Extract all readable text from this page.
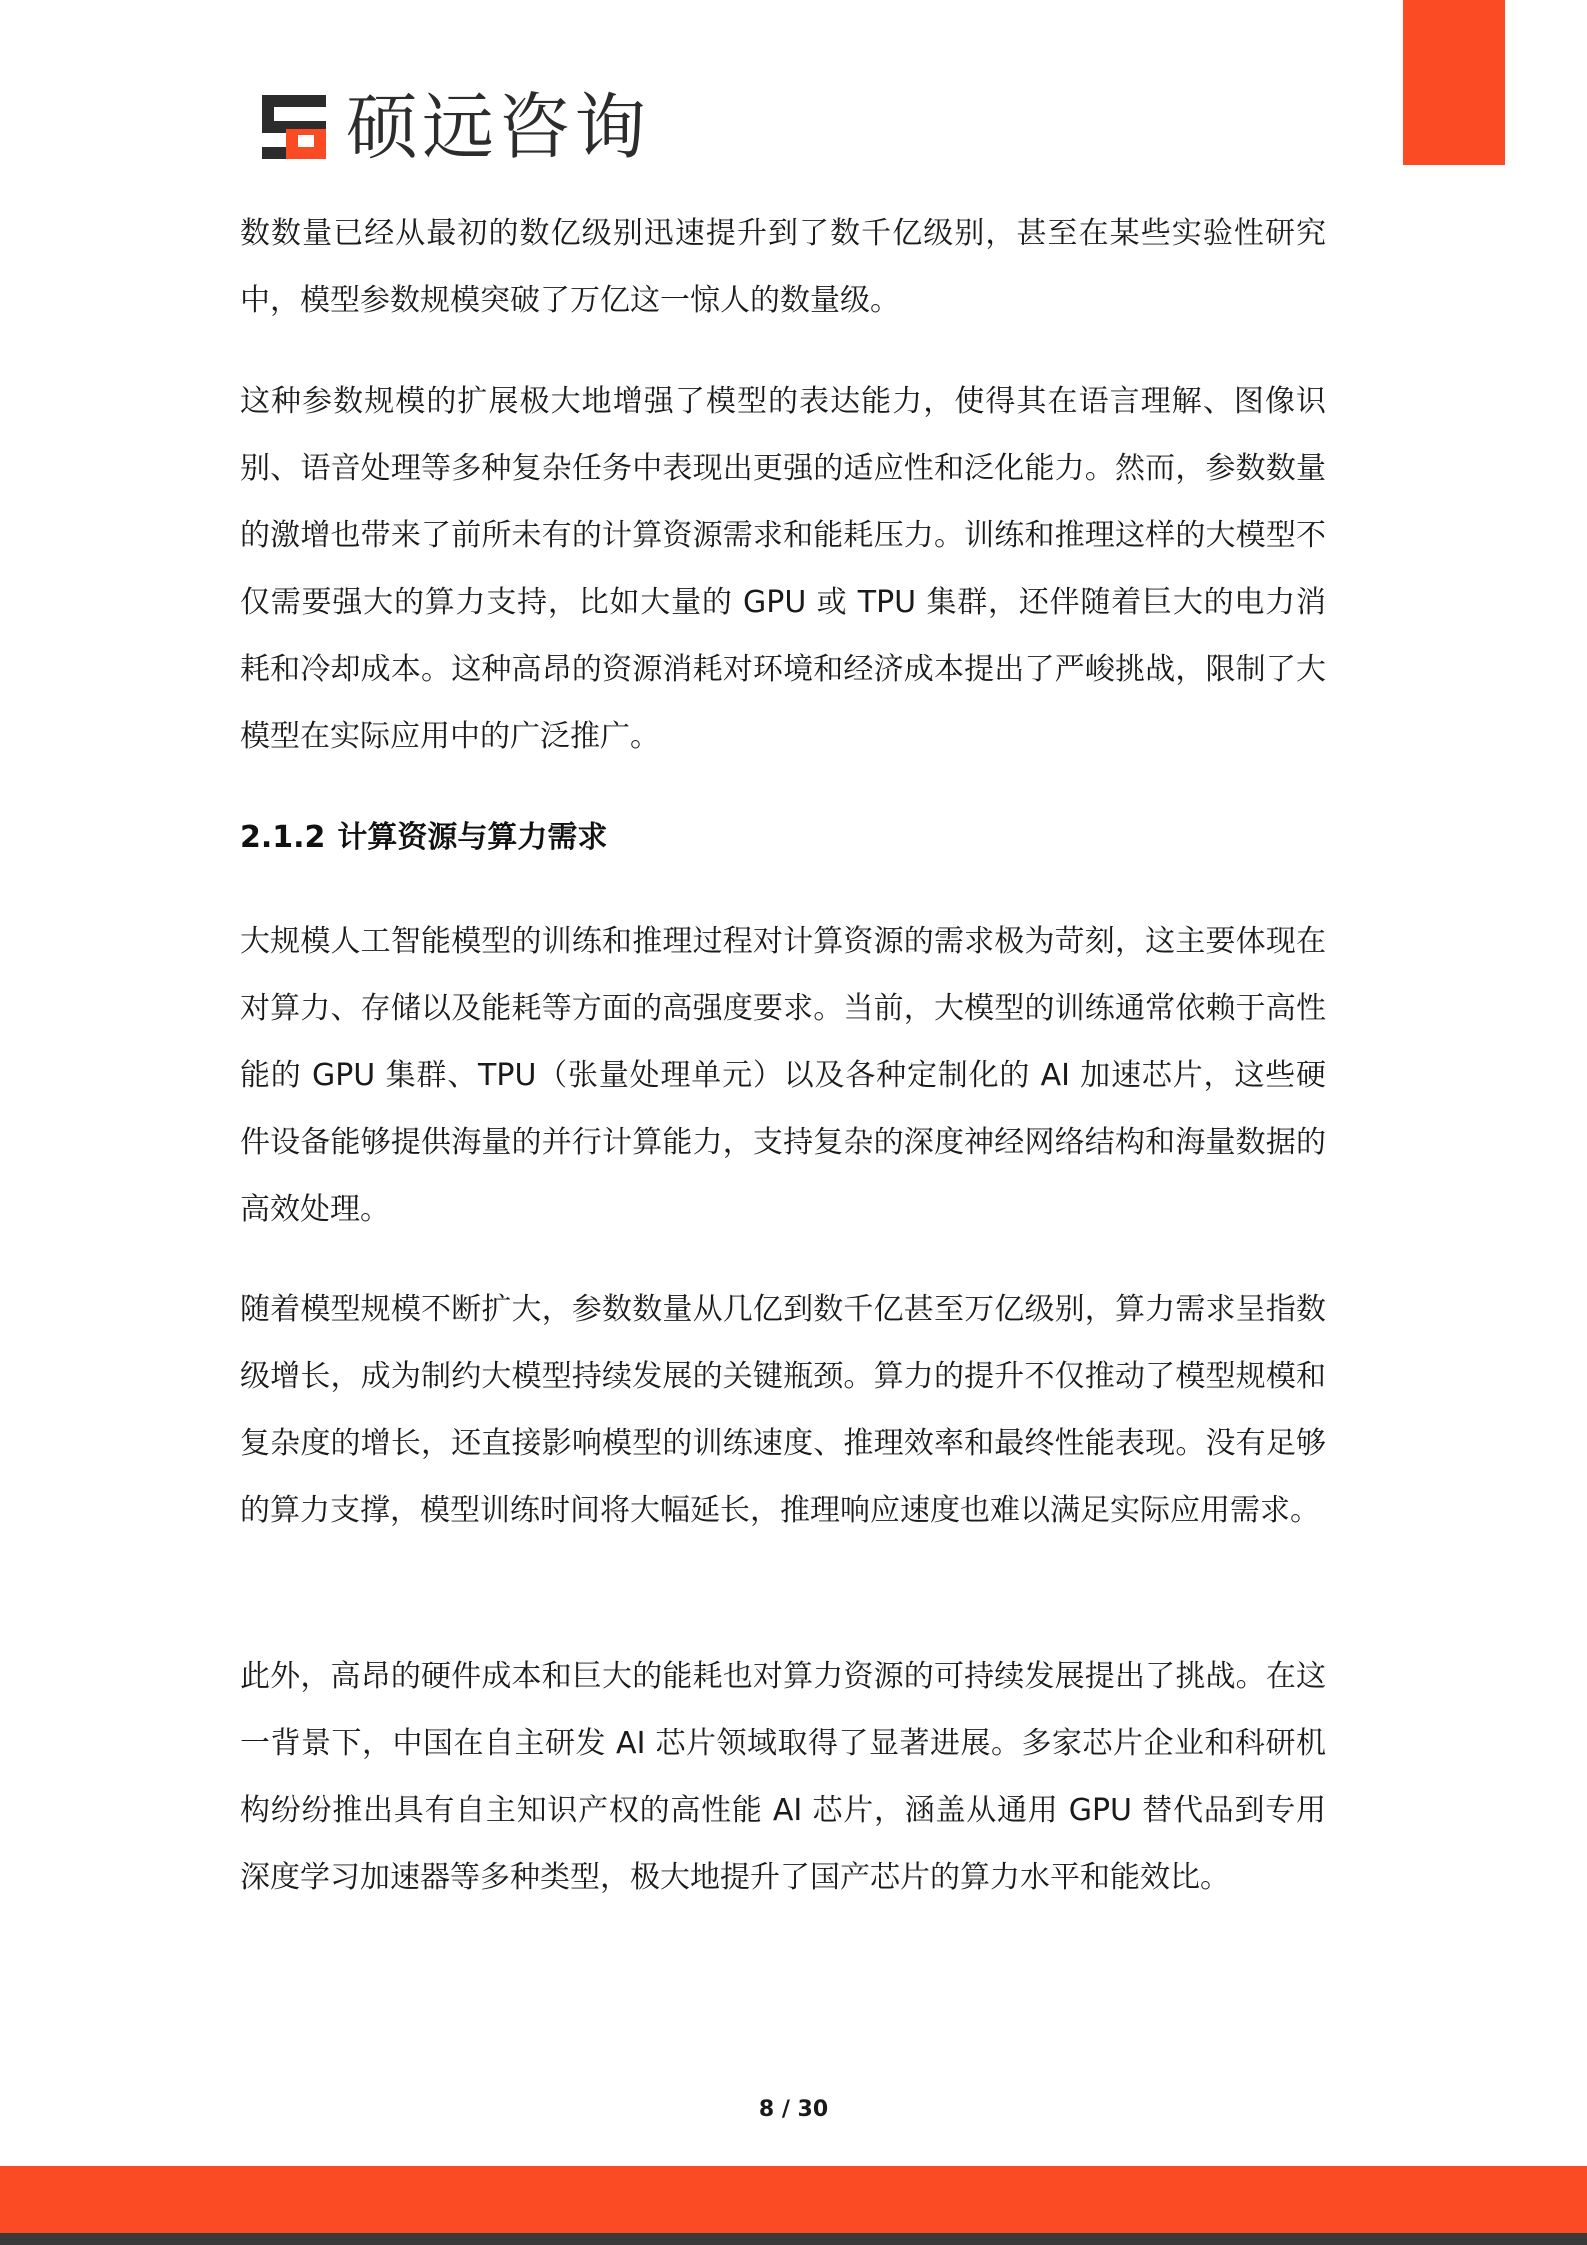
硕远咨询

数数量已经从最初的数亿级别迅速提升到了数千亿级别，甚至在某些实验性研究中，模型参数规模突破了万亿这一惊人的数量级。

这种参数规模的扩展极大地增强了模型的表达能力，使得其在语言理解、图像识别、语音处理等多种复杂任务中表现出更强的适应性和泛化能力。然而，参数数量的激增也带来了前所未有的计算资源需求和能耗压力。训练和推理这样的大模型不仅需要强大的算力支持，比如大量的 GPU 或 TPU 集群，还伴随着巨大的电力消耗和冷却成本。这种高昂的资源消耗对环境和经济成本提出了严峻挑战，限制了大模型在实际应用中的广泛推广。

2.1.2 计算资源与算力需求

大规模人工智能模型的训练和推理过程对计算资源的需求极为苛刻，这主要体现在对算力、存储以及能耗等方面的高强度要求。当前，大模型的训练通常依赖于高性能的 GPU 集群、TPU（张量处理单元）以及各种定制化的 AI 加速芯片，这些硬件设备能够提供海量的并行计算能力，支持复杂的深度神经网络结构和海量数据的高效处理。

随着模型规模不断扩大，参数数量从几亿到数千亿甚至万亿级别，算力需求呈指数级增长，成为制约大模型持续发展的关键瓶颈。算力的提升不仅推动了模型规模和复杂度的增长，还直接影响模型的训练速度、推理效率和最终性能表现。没有足够的算力支撑，模型训练时间将大幅延长，推理响应速度也难以满足实际应用需求。

此外，高昂的硬件成本和巨大的能耗也对算力资源的可持续发展提出了挑战。在这一背景下，中国在自主研发 AI 芯片领域取得了显著进展。多家芯片企业和科研机构纷纷推出具有自主知识产权的高性能 AI 芯片，涵盖从通用 GPU 替代品到专用深度学习加速器等多种类型，极大地提升了国产芯片的算力水平和能效比。

8 / 30
